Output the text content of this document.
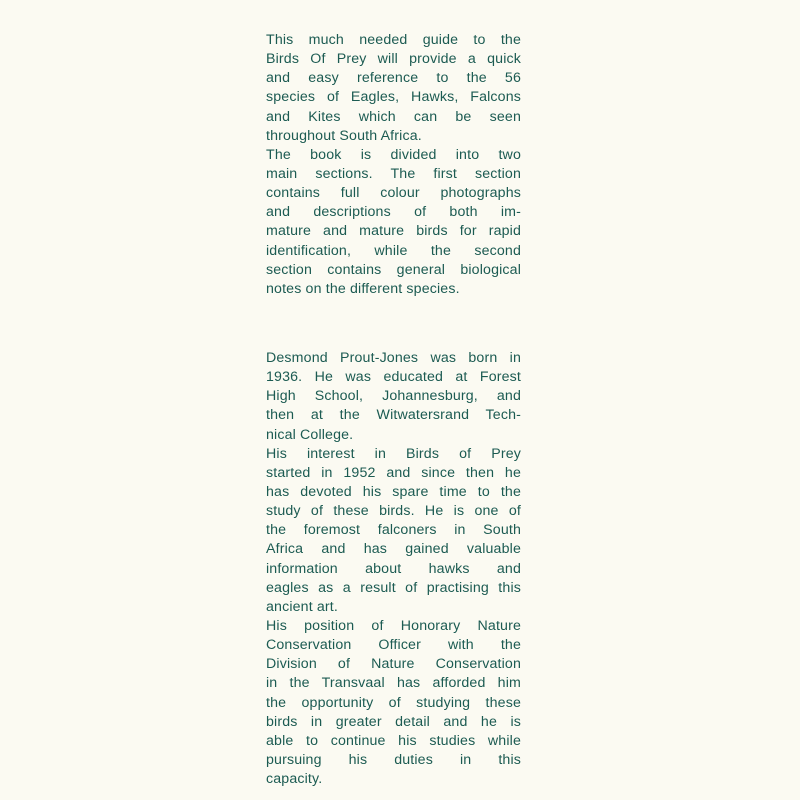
This much needed guide to the
Birds Of Prey will provide a quick
and easy reference to the 56
species of Eagles, Hawks, Falcons
and Kites which can be seen
throughout South Africa.
The book is divided into two
main sections. The first section
contains full colour photographs
and descriptions of both im-
mature and mature birds for rapid
identification, while the second
section contains general biological
notes on the different species.
Desmond Prout-Jones was born in
1936. He was educated at Forest
High School, Johannesburg, and
then at the Witwatersrand Tech-
nical College.
His interest in Birds of Prey
started in 1952 and since then he
has devoted his spare time to the
study of these birds. He is one of
the foremost falconers in South
Africa and has gained valuable
information about hawks and
eagles as a result of practising this
ancient art.
His position of Honorary Nature
Conservation Officer with the
Division of Nature Conservation
in the Transvaal has afforded him
the opportunity of studying these
birds in greater detail and he is
able to continue his studies while
pursuing his duties in this
capacity.
